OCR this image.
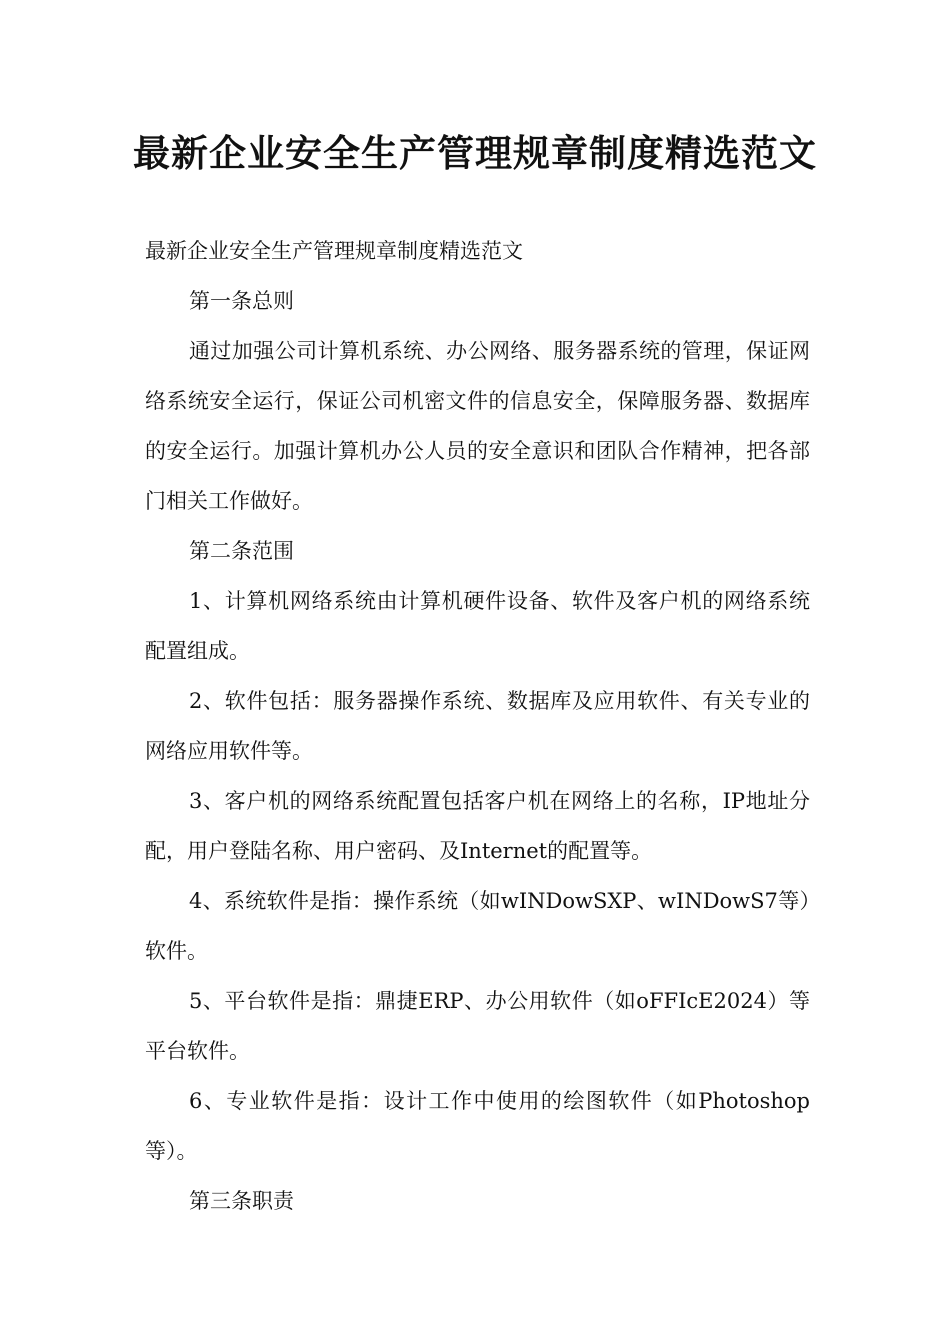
最新企业安全生产管理规章制度精选范文

最新企业安全生产管理规章制度精选范文

第一条总则

通过加强公司计算机系统、办公网络、服务器系统的管理，保证网络系统安全运行，保证公司机密文件的信息安全，保障服务器、数据库的安全运行。加强计算机办公人员的安全意识和团队合作精神，把各部门相关工作做好。

第二条范围

1、计算机网络系统由计算机硬件设备、软件及客户机的网络系统配置组成。

2、软件包括：服务器操作系统、数据库及应用软件、有关专业的网络应用软件等。

3、客户机的网络系统配置包括客户机在网络上的名称，IP地址分配，用户登陆名称、用户密码、及Internet的配置等。

4、系统软件是指：操作系统（如wINDowSXP、wINDowS7等）软件。

5、平台软件是指：鼎捷ERP、办公用软件（如oFFIcE2024）等平台软件。

6、专业软件是指：设计工作中使用的绘图软件（如Photoshop等）。

第三条职责
